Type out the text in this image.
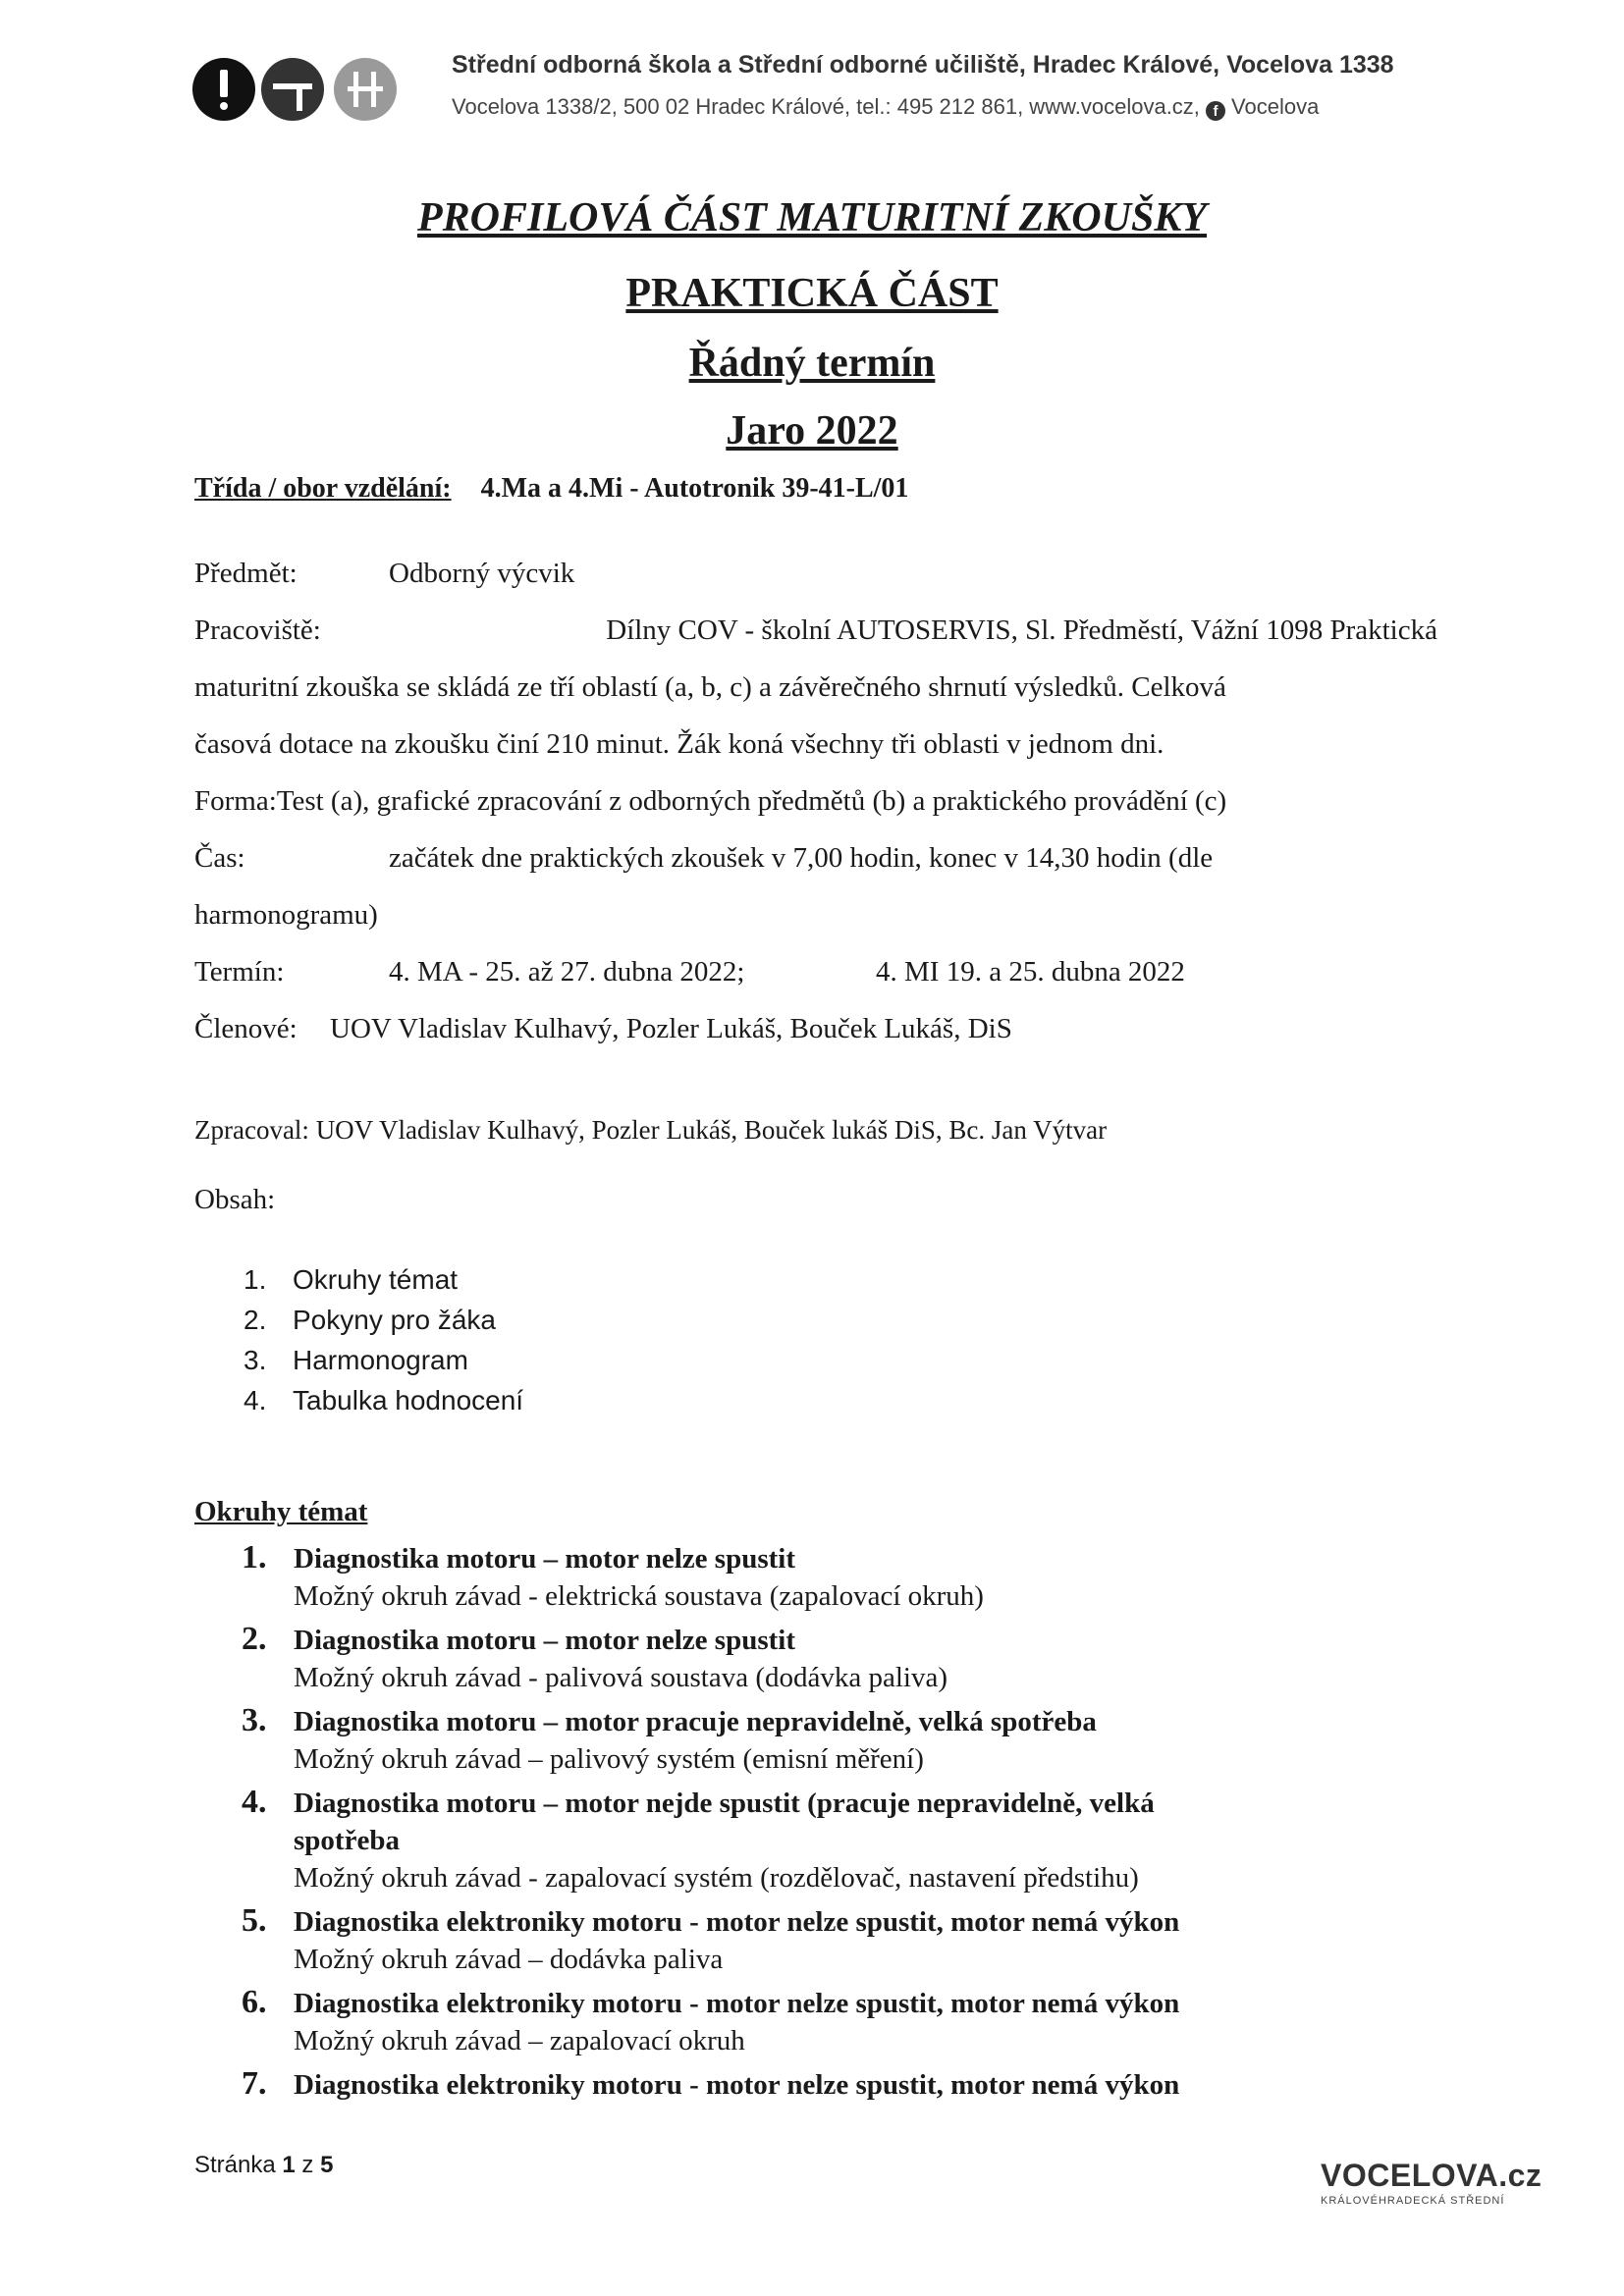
Střední odborná škola a Střední odborné učiliště, Hradec Králové, Vocelova 1338
Vocelova 1338/2, 500 02 Hradec Králové, tel.: 495 212 861, www.vocelova.cz, f Vocelova
PROFILOVÁ ČÁST MATURITNÍ ZKOUŠKY
PRAKTICKÁ ČÁST
Řádný termín
Jaro 2022
Třída / obor vzdělání: 4.Ma a 4.Mi - Autotronik 39-41-L/01
Předmět:	Odborný výcvik
Pracoviště:	Dílny COV - školní AUTOSERVIS, Sl. Předměstí, Vážní 1098 Praktická
maturitní zkouška se skládá ze tří oblastí (a, b, c) a závěrečného shrnutí výsledků. Celková
časová dotace na zkoušku činí 210 minut. Žák koná všechny tři oblasti v jednom dni.
Forma:Test (a), grafické zpracování z odborných předmětů (b) a praktického provádění (c)
Čas:	začátek dne praktických zkoušek v 7,00 hodin, konec v 14,30 hodin (dle
harmonogramu)
Termín:	4. MA - 25. až 27. dubna 2022;	4. MI 19. a 25. dubna 2022
Členové: UOV Vladislav Kulhavý, Pozler Lukáš, Bouček Lukáš, DiS
Zpracoval: UOV Vladislav Kulhavý, Pozler Lukáš, Bouček lukáš DiS, Bc. Jan Výtvar
Obsah:
1. Okruhy témat
2. Pokyny pro žáka
3. Harmonogram
4. Tabulka hodnocení
Okruhy témat
1. Diagnostika motoru – motor nelze spustit
Možný okruh závad - elektrická soustava (zapalovací okruh)
2. Diagnostika motoru – motor nelze spustit
Možný okruh závad - palivová soustava (dodávka paliva)
3. Diagnostika motoru – motor pracuje nepravidelně, velká spotřeba
Možný okruh závad – palivový systém (emisní měření)
4. Diagnostika motoru – motor nejde spustit (pracuje nepravidelně, velká
spotřeba
Možný okruh závad - zapalovací systém (rozdělovač, nastavení předstihu)
5. Diagnostika elektroniky motoru - motor nelze spustit, motor nemá výkon
Možný okruh závad – dodávka paliva
6. Diagnostika elektroniky motoru - motor nelze spustit, motor nemá výkon
Možný okruh závad – zapalovací okruh
7. Diagnostika elektroniky motoru - motor nelze spustit, motor nemá výkon
Stránka 1 z 5	VOCELOVA.cz
KRÁLOVÉHRADECKÁ STŘEDNÍ
